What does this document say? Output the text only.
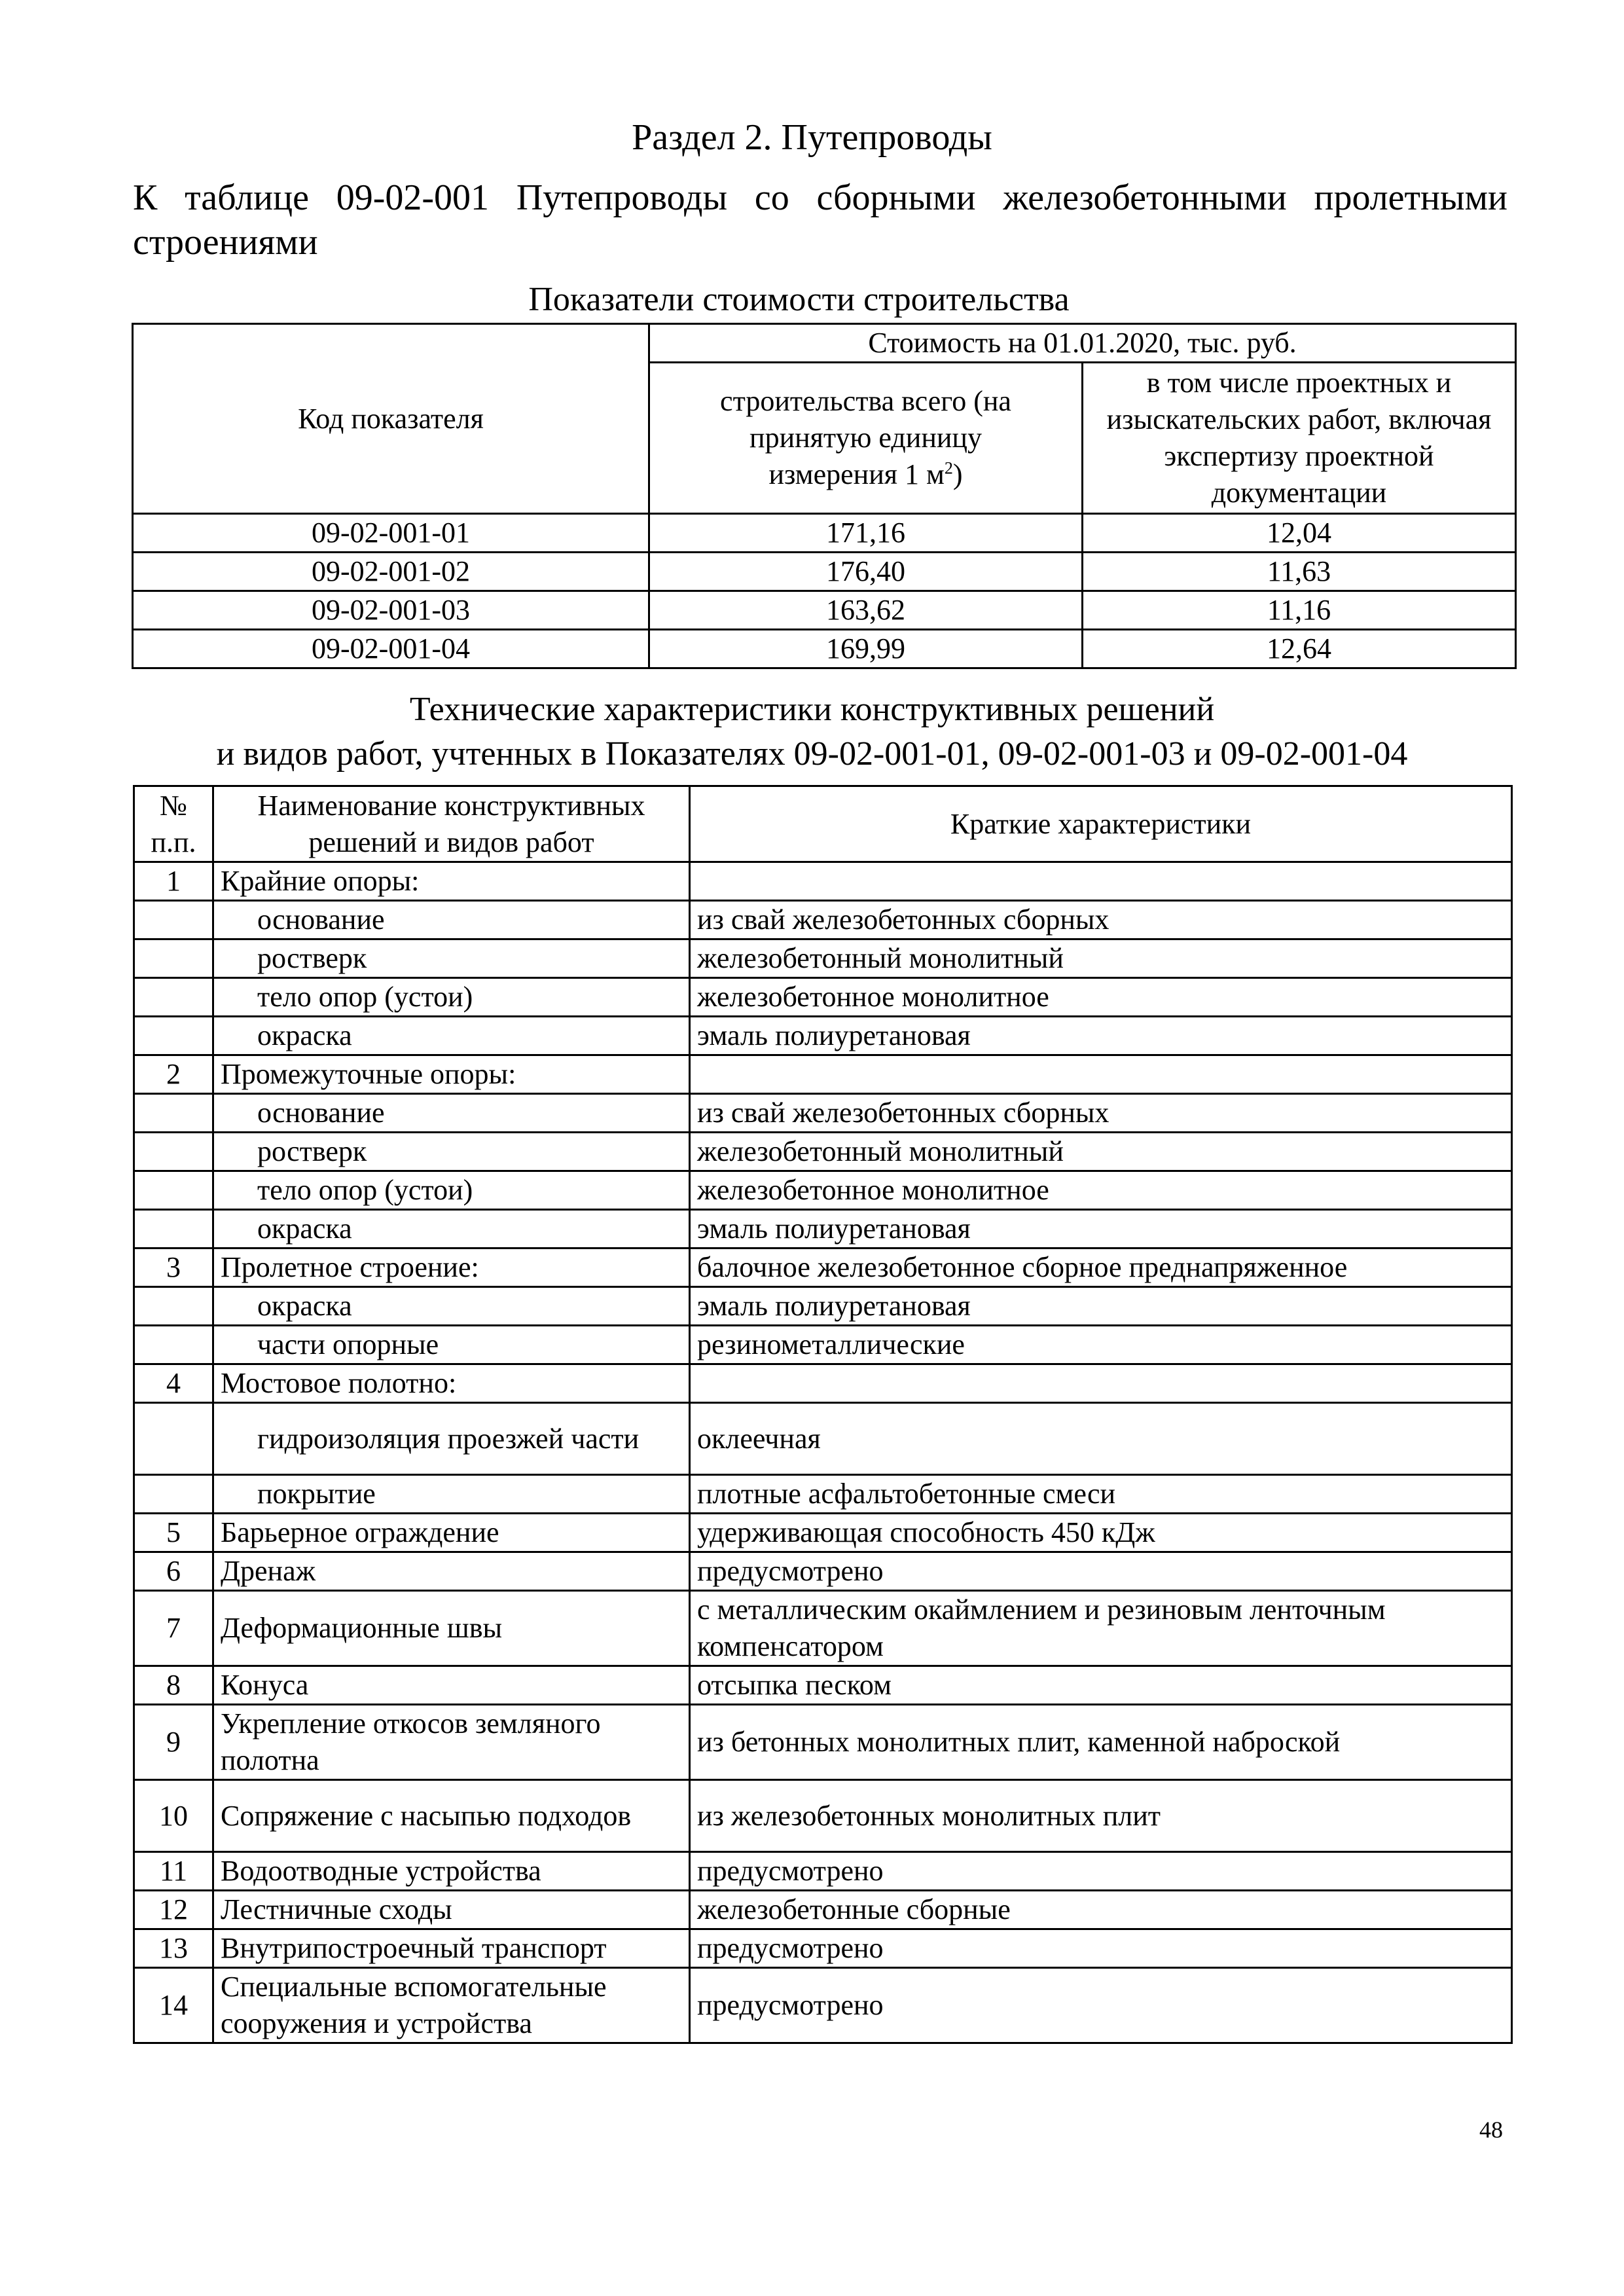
Раздел 2. Путепроводы
К таблице 09-02-001 Путепроводы со сборными железобетонными пролетными строениями
Показатели стоимости строительства
Код показателя	Стоимость на 01.01.2020, тыс. руб.	
	строительства всего (на принятую единицу измерения 1 $м^2$)	в том числе проектных и изыскательских работ, включая экспертизу проектной документации
09-02-001-01	171,16	12,04
09-02-001-02	176,40	11,63
09-02-001-03	163,62	11,16
09-02-001-04	169,99	12,64
Технические характеристики конструктивных решений
и видов работ, учтенных в Показателях 09-02-001-01, 09-02-001-03 и 09-02-001-04
№ п.п.	Наименование конструктивных решений и видов работ	Краткие характеристики
1	Крайние опоры:	
	основание	из свай железобетонных сборных
	ростверк	железобетонный монолитный
	тело опор (устои)	железобетонное монолитное
	окраска	эмаль полиуретановая
2	Промежуточные опоры:	
	основание	из свай железобетонных сборных
	ростверк	железобетонный монолитный
	тело опор (устои)	железобетонное монолитное
	окраска	эмаль полиуретановая
3	Пролетное строение:	балочное железобетонное сборное преднапряженное
	окраска	эмаль полиуретановая
	части опорные	резинометаллические
4	Мостовое полотно:	
	гидроизоляция проезжей части	оклеечная
	покрытие	плотные асфальтобетонные смеси
5	Барьерное ограждение	удерживающая способность 450 кДж
6	Дренаж	предусмотрено
7	Деформационные швы	с металлическим окаймлением и резиновым ленточным компенсатором
8	Конуса	отсыпка песком
9	Укрепление откосов земляного полотна	из бетонных монолитных плит, каменной наброской
10	Сопряжение с насыпью подходов	из железобетонных монолитных плит
11	Водоотводные устройства	предусмотрено
12	Лестничные сходы	железобетонные сборные
13	Внутрипостроечный транспорт	предусмотрено
14	Специальные вспомогательные сооружения и устройства	предусмотрено
48
